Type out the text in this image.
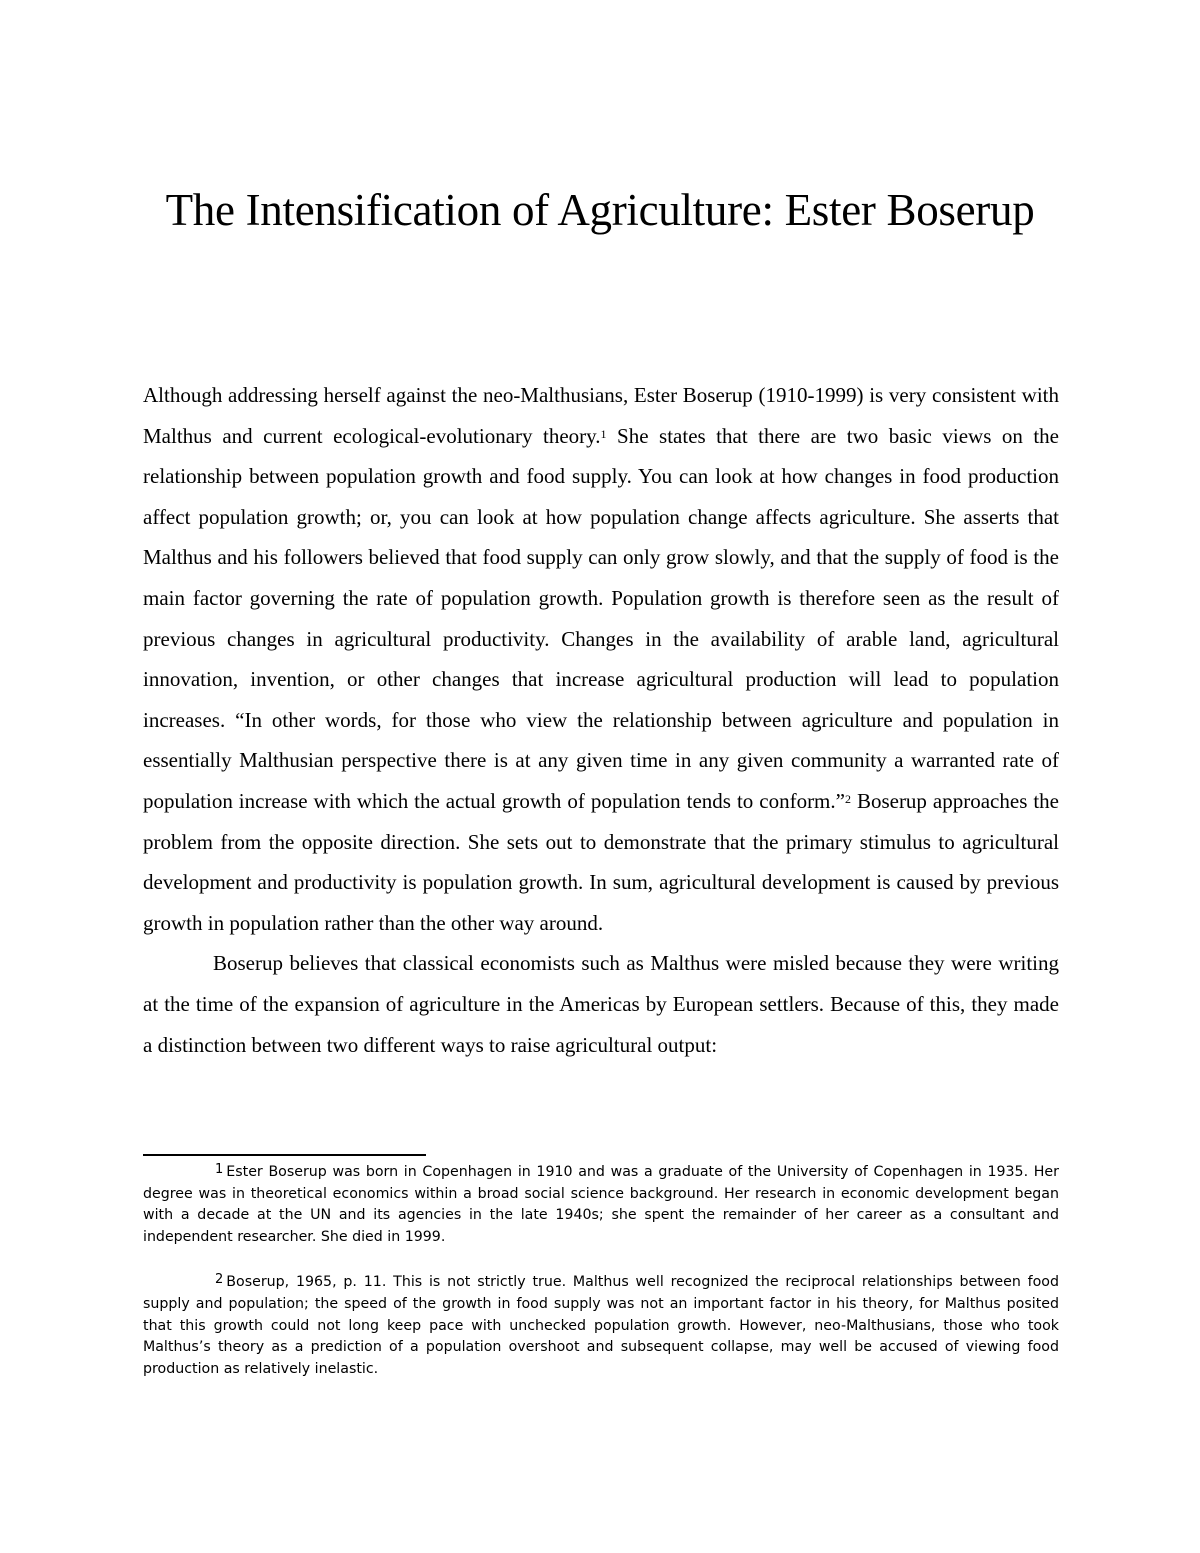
The Intensification of Agriculture: Ester Boserup

Although addressing herself against the neo-Malthusians, Ester Boserup (1910-1999) is very consistent with Malthus and current ecological-evolutionary theory.$^1$ She states that there are two basic views on the relationship between population growth and food supply. You can look at how changes in food production affect population growth; or, you can look at how population change affects agriculture. She asserts that Malthus and his followers believed that food supply can only grow slowly, and that the supply of food is the main factor governing the rate of population growth. Population growth is therefore seen as the result of previous changes in agricultural productivity. Changes in the availability of arable land, agricultural innovation, invention, or other changes that increase agricultural production will lead to population increases. “In other words, for those who view the relationship between agriculture and population in essentially Malthusian perspective there is at any given time in any given community a warranted rate of population increase with which the actual growth of population tends to conform.”$^2$ Boserup approaches the problem from the opposite direction. She sets out to demonstrate that the primary stimulus to agricultural development and productivity is population growth. In sum, agricultural development is caused by previous growth in population rather than the other way around.

Boserup believes that classical economists such as Malthus were misled because they were writing at the time of the expansion of agriculture in the Americas by European settlers. Because of this, they made a distinction between two different ways to raise agricultural output:

$^1$ Ester Boserup was born in Copenhagen in 1910 and was a graduate of the University of Copenhagen in 1935. Her degree was in theoretical economics within a broad social science background. Her research in economic development began with a decade at the UN and its agencies in the late 1940s; she spent the remainder of her career as a consultant and independent researcher. She died in 1999.

$^2$ Boserup, 1965, p. 11. This is not strictly true. Malthus well recognized the reciprocal relationships between food supply and population; the speed of the growth in food supply was not an important factor in his theory, for Malthus posited that this growth could not long keep pace with unchecked population growth. However, neo-Malthusians, those who took Malthus’s theory as a prediction of a population overshoot and subsequent collapse, may well be accused of viewing food production as relatively inelastic.
